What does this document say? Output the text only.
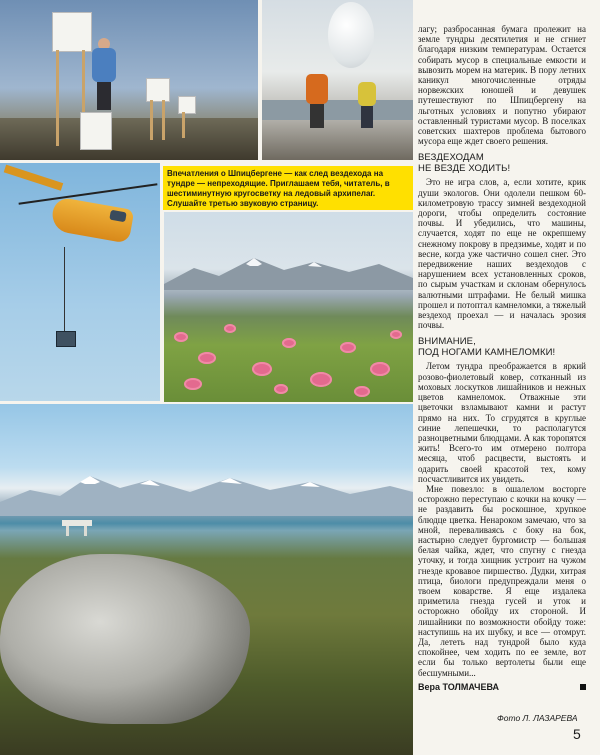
Впечатления о Шпицбергене — как след вездехода на тундре — непреходящие. Приглашаем тебя, читатель, в шестиминутную кругосветку на ледовый архипелаг. Слушайте третью звуковую страницу.

лагу; разбросанная бумага пролежит на земле тундры десятилетия и не сгниет благодаря низким температурам. Остается собирать мусор в специальные емкости и вывозить морем на материк. В пору летних каникул многочисленные отряды норвежских юношей и девушек путешествуют по Шпицбергену на льготных условиях и попутно убирают оставленный туристами мусор. В поселках советских шахтеров проблема бытового мусора еще ждет своего решения.

ВЕЗДЕХОДАМ
НЕ ВЕЗДЕ ХОДИТЬ!

Это не игра слов, а, если хотите, крик души экологов. Они одолели пешком 60-километровую трассу зимней вездеходной дороги, чтобы определить состояние почвы. И убедились, что машины, случается, ходят по еще не окрепшему снежному покрову в предзимье, ходят и по весне, когда уже частично сошел снег. Это передвижение наших вездеходов с нарушением всех установленных сроков, по сырым участкам и склонам обернулось валютными штрафами. Не белый мишка прошел и потоптал камнеломки, а тяжелый вездеход проехал — и началась эрозия почвы.

ВНИМАНИЕ,
ПОД НОГАМИ КАМНЕЛОМКИ!

Летом тундра преображается в яркий розово-фиолетовый ковер, сотканный из моховых лоскутков лишайников и нежных цветов камнеломок. Отважные эти цветочки взламывают камни и растут прямо на них. То сгрудятся в круглые синие лепешечки, то располагутся разноцветными блюдцами. А как торопятся жить! Всего-то им отмерено полтора месяца, чтоб расцвести, выстоять и одарить своей красотой тех, кому посчастливится их увидеть.

Мне повезло: в ошалелом восторге осторожно переступаю с кочки на кочку — не раздавить бы роскошное, хрупкое блюдце цветка. Ненароком замечаю, что за мной, переваливаясь с боку на бок, настырно следует бургомистр — большая белая чайка, ждет, что спугну с гнезда уточку, и тогда хищник устроит на чужом гнезде кровавое пиршество. Дудки, хитрая птица, биологи предупреждали меня о твоем коварстве. Я еще издалека приметила гнезда гусей и уток и осторожно обойду их стороной. И лишайники по возможности обойду тоже: наступишь на их шубку, и все — отомрут. Да, лететь над тундрой было куда спокойнее, чем ходить по ее земле, вот если бы только вертолеты были еще бесшумными...

Вера ТОЛМАЧЕВА
Фото Л. ЛАЗАРЕВА
5
